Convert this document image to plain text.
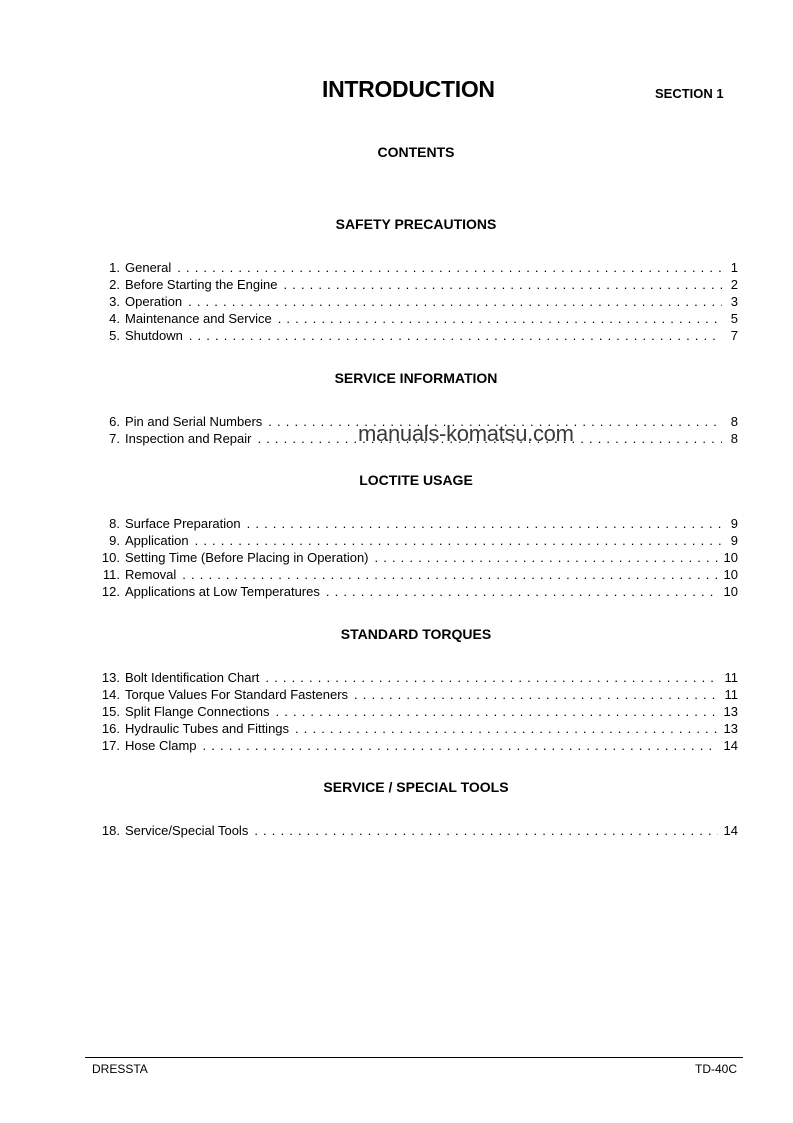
INTRODUCTION	SECTION 1
CONTENTS
SAFETY PRECAUTIONS
1. General . . .	1
2. Before Starting the Engine . . .	2
3. Operation . . .	3
4. Maintenance and Service . . .	5
5. Shutdown . . .	7
SERVICE INFORMATION
6. Pin and Serial Numbers . . .	8
7. Inspection and Repair . . .	8
LOCTITE USAGE
8. Surface Preparation . . .	9
9. Application . . .	9
10. Setting Time (Before Placing in Operation) . . .	10
11. Removal . . .	10
12. Applications at Low Temperatures . . .	10
STANDARD TORQUES
13. Bolt Identification Chart . . .	11
14. Torque Values For Standard Fasteners . . .	11
15. Split Flange Connections . . .	13
16. Hydraulic Tubes and Fittings . . .	13
17. Hose Clamp . . .	14
SERVICE / SPECIAL TOOLS
18. Service/Special Tools . . .	14
manuals-komatsu.com
DRESSTA	TD-40C
